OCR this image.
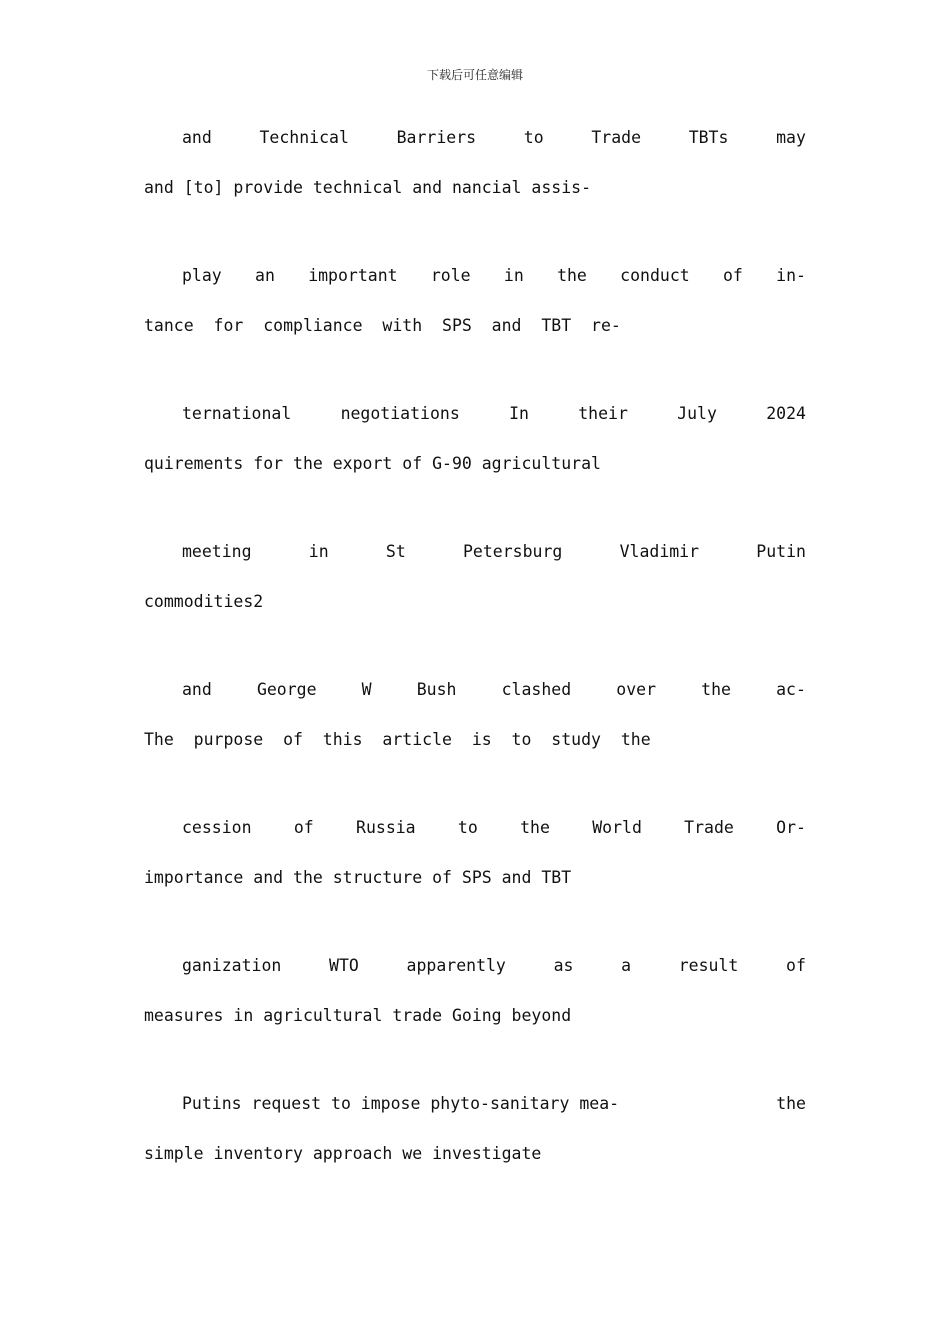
下载后可任意编辑
and	Technical	Barriers	to	Trade	TBTs	may
and [to] provide technical and nancial assis-
play an important role in the conduct of in-
tance  for  compliance  with  SPS  and  TBT  re-
ternational	negotiations	In	their	July	2024
quirements for the export of G-90 agricultural
meeting	in	St	Petersburg	Vladimir	Putin
commodities2
and	George	W	Bush	clashed	over	the	ac-
The  purpose  of  this  article  is  to  study  the
cession	of	Russia	to	the	World	Trade	Or-
importance and the structure of SPS and TBT
ganization	WTO	apparently	as	a	result	of
measures in agricultural trade Going beyond
Putins request to impose phyto-sanitary mea-	the
simple inventory approach we investigate
